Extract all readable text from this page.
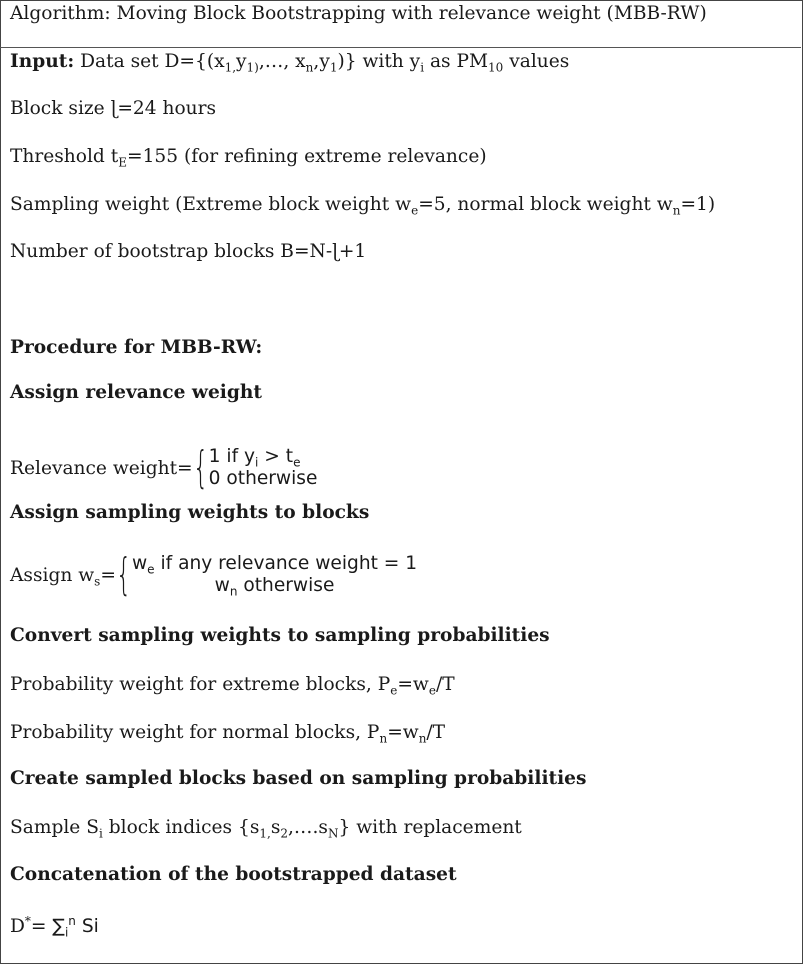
Algorithm: Moving Block Bootstrapping with relevance weight (MBB-RW)
Input: Data set $D=\{(x_{1,}y_{1)},\dots$, $x_n,y_1$)} with $y_i$ as $PM_{10}$ values
Block size ɭ=24 hours
Threshold $t_E=155$ (for refining extreme relevance)
Sampling weight (Extreme block weight $w_e=5$, normal block weight $w_n=1$)
Number of bootstrap blocks B=N-ɭ+1
Procedure for MBB-RW:
Assign relevance weight
Assign sampling weights to blocks
Convert sampling weights to sampling probabilities
Probability weight for extreme blocks, $P_e=w_e/T$
Probability weight for normal blocks, $P_n=w_n/T$
Create sampled blocks based on sampling probabilities
Sample $S_i$ block indices $\{s_{1,}s_2,\dots.s_N\}$ with replacement
Concatenation of the bootstrapped dataset
$D^*= \sum_i^n$ Si
Relevance weight= { 1 if $y_i > t_e$
0 otherwise
Assign $w_s=$ { $w_e$ if any relevance weight = 1
$w_n$ otherwise
